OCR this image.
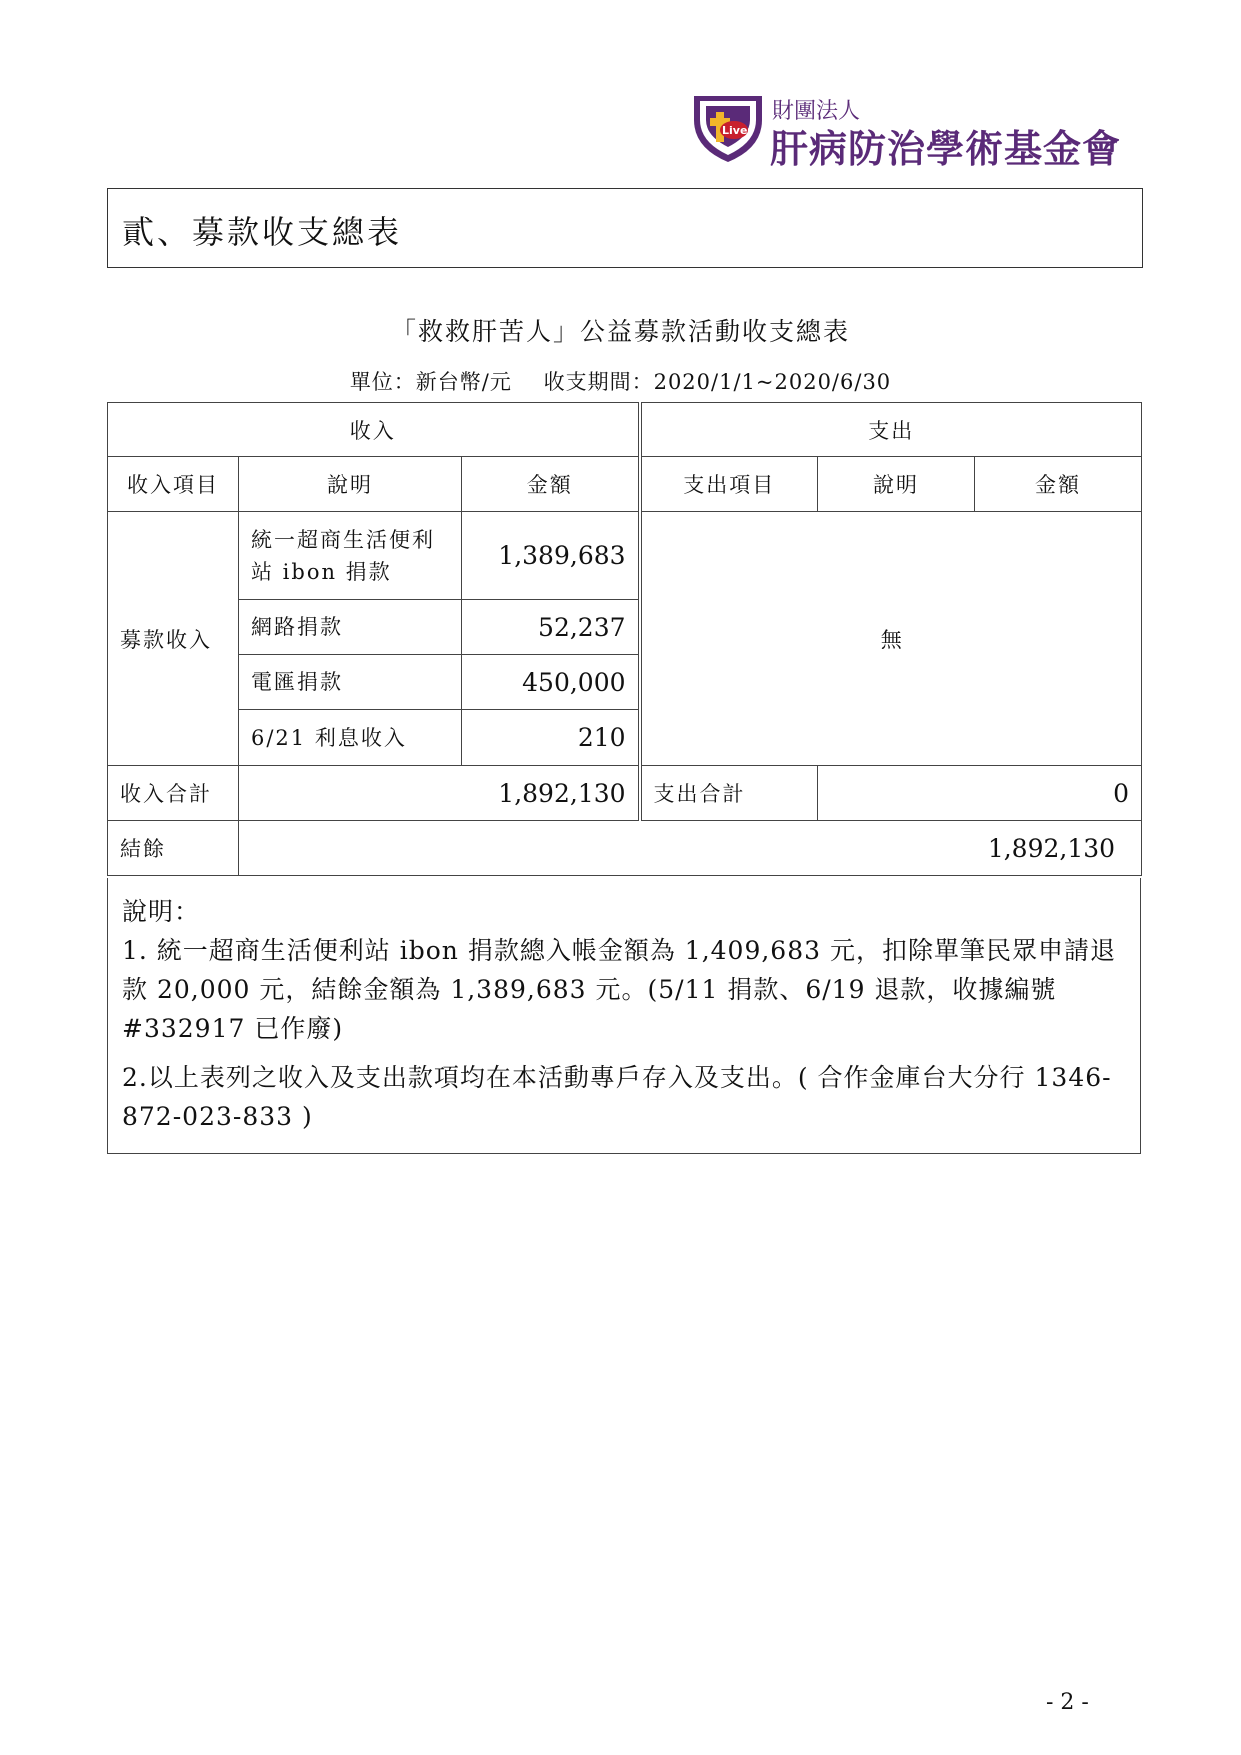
Liver
財團法人
肝病防治學術基金會
貳、募款收支總表
「救救肝苦人」公益募款活動收支總表
單位：新台幣/元 收支期間：2020/1/1~2020/6/30
收入			支出		
收入項目	說明	金額	支出項目	說明	金額
募款收入	統一超商生活便利站 ibon 捐款	1,389,683	無		
	網路捐款	52,237			
	電匯捐款	450,000			
	6/21 利息收入	210			
收入合計	1,892,130		支出合計	0	
結餘	1,892,130				

說明：

1. 統一超商生活便利站 ibon 捐款總入帳金額為 1,409,683 元，扣除單筆民眾申請退款 20,000 元，結餘金額為 1,389,683 元。(5/11 捐款、6/19 退款，收據編號 #332917 已作廢)

2.以上表列之收入及支出款項均在本活動專戶存入及支出。( 合作金庫台大分行 1346-872-023-833 )

- 2 -
